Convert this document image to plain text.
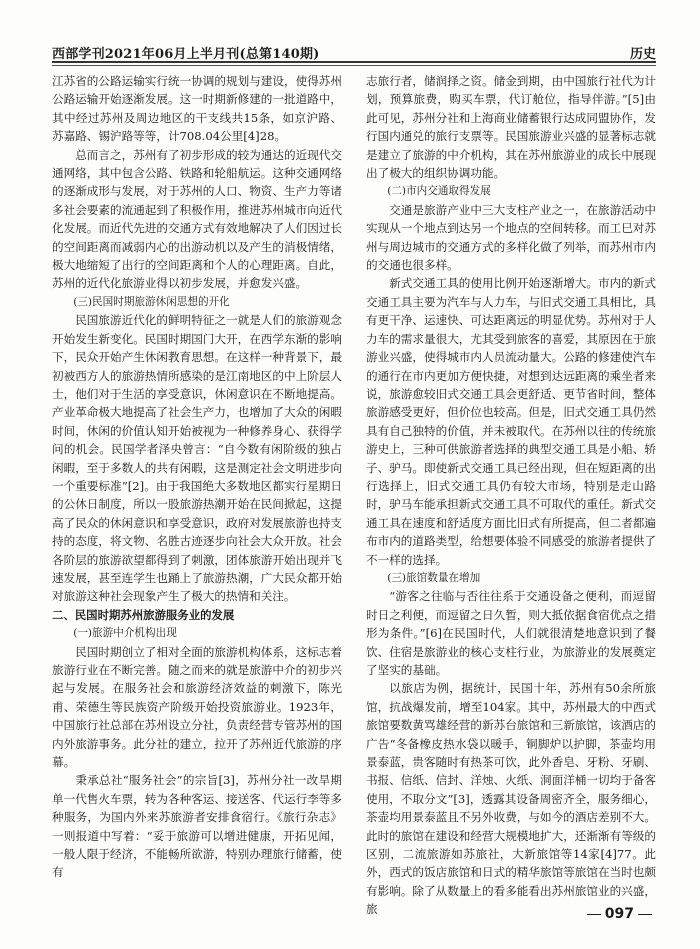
西部学刊2021年06月上半月刊(总第140期)	历史

江苏省的公路运输实行统一协调的规划与建设，使得苏州公路运输开始逐渐发展。这一时期新修建的一批道路中，其中经过苏州及周边地区的干支线共15条，如京沪路、苏嘉路、锡沪路等等，计708.04公里[4]28。

总而言之，苏州有了初步形成的较为通达的近现代交通网络，其中包含公路、铁路和轮船航运。这种交通网络的逐渐成形与发展，对于苏州的人口、物资、生产力等诸多社会要素的流通起到了积极作用，推进苏州城市向近代化发展。而近代先进的交通方式有效地解决了人们因过长的空间距离而减弱内心的出游动机以及产生的消极情绪，极大地缩短了出行的空间距离和个人的心理距离。自此，苏州的近代化旅游业得以初步发展，并愈发兴盛。

(三)民国时期旅游休闲思想的开化

民国旅游近代化的鲜明特征之一就是人们的旅游观念开始发生新变化。民国时期国门大开，在西学东渐的影响下，民众开始产生休闲教育思想。在这样一种背景下，最初被西方人的旅游热情所感染的是江南地区的中上阶层人士，他们对于生活的享受意识，休闲意识在不断地提高。产业革命极大地提高了社会生产力，也增加了大众的闲暇时间，休闲的价值认知开始被视为一种修养身心、获得学问的机会。民国学者泽央曾言：“自今数有闲阶级的独占闲暇，至于多数人的共有闲暇，这是测定社会文明进步向一个重要标准”[2]。由于我国绝大多数地区都实行星期日的公休日制度，所以一股旅游热潮开始在民间掀起，这提高了民众的休闲意识和享受意识，政府对发展旅游也持支持的态度，将文物、名胜古迹逐步向社会大众开放。社会各阶层的旅游欲望都得到了刺激，团体旅游开始出现并飞速发展，甚至连学生也踊上了旅游热潮，广大民众都开始对旅游这种社会现象产生了极大的热情和关注。

二、民国时期苏州旅游服务业的发展

(一)旅游中介机构出现

民国时期创立了相对全面的旅游机构体系，这标志着旅游行业在不断完善。随之而来的就是旅游中介的初步兴起与发展。在服务社会和旅游经济效益的刺激下，陈光甫、荣德生等民族资产阶级开始投资旅游业。1923年，中国旅行社总部在苏州设立分社，负责经营专管苏州的国内外旅游事务。此分社的建立，拉开了苏州近代旅游的序幕。

秉承总社“服务社会”的宗旨[3]，苏州分社一改旱期单一代售火车票，转为各种客运、接送客、代运行李等多种服务，为国内外来苏旅游者安排食宿行。《旅行杂志》一则报道中写着：“妥于旅游可以增进健康，开拓见闻，一般人限于经济，不能畅所欲游，特别办理旅行储蓄，使有

志旅行者，储润择之资。储金到期，由中国旅行社代为计划，预算旅费，购买车票，代订舱位，指导伴游。”[5]由此可见，苏州分社和上海商业储蓄银行达成同盟协作，发行国内通兑的旅行支票等。民国旅游业兴盛的显著标志就是建立了旅游的中介机构，其在苏州旅游业的成长中展现出了极大的组织协调功能。

(二)市内交通取得发展

交通是旅游产业中三大支柱产业之一，在旅游活动中实现从一个地点到达另一个地点的空间转移。而工巳对苏州与周边城市的交通方式的多样化做了列举，而苏州市内的交通也很多样。

新式交通工具的使用比例开始逐渐增大。市内的新式交通工具主要为汽车与人力车，与旧式交通工具相比，具有更干净、运速快、可达距离远的明显优势。苏州对于人力车的需求量很大，尤其受到旅客的喜爱，其原因在于旅游业兴盛，使得城市内人员流动量大。公路的修建使汽车的通行在市内更加方便快捷，对想到达远距离的乘坐者来说，旅游愈较旧式交通工具会更舒适、更节省时间，整体旅游感受更好，但价位也较高。但是，旧式交通工具仍然具有自己独特的价值，并未被取代。在苏州以往的传统旅游史上，三种可供旅游者选择的典型交通工具是小船、轿子、驴马。即使新式交通工具已经出现，但在短距离的出行选择上，旧式交通工具仍有较大市场，特别是走山路时，驴马车能承担新式交通工具不可取代的重任。新式交通工具在速度和舒适度方面比旧式有所提高，但二者都遍布市内的道路类型，给想要体验不同感受的旅游者提供了不一样的选择。

(三)旅馆数量在增加

“游客之往临与否往往系于交通设备之便利，而逗留时日之利便，而逗留之日久暂，则大抵依据食宿优点之措形为条件。”[6]在民国时代，人们就很清楚地意识到了餐饮、住宿是旅游业的核心支柱行业，为旅游业的发展奠定了坚实的基础。

以旅店为例，据统计，民国十年，苏州有50余所旅馆，抗战爆发前，增至104家。其中，苏州最大的中西式旅馆要数黄骂雄经营的新苏台旅馆和三新旅馆，该酒店的广告“冬备橡皮热水袋以暖手，铜脚炉以护脚，茶壶均用景泰蓝，贵客随时有热茶可饮，此外香皂、牙粉、牙刷、书报、信纸、信封、洋烛、火纸、洞面洋桶一切均于备客使用，不取分文”[3]，透露其设备周密齐全，服务细心，茶壶均用景泰蓝且不另外收费，与如今的酒店差别不大。此时的旅馆在建设和经营大规模地扩大，还渐渐有等级的区别，二流旅游如苏旅社，大新旅馆等14家[4]77。此外，西式的饭店旅馆和日式的精华旅馆等旅馆在当时也颇有影响。除了从数量上的看多能看出苏州旅馆业的兴盛，旅	097
